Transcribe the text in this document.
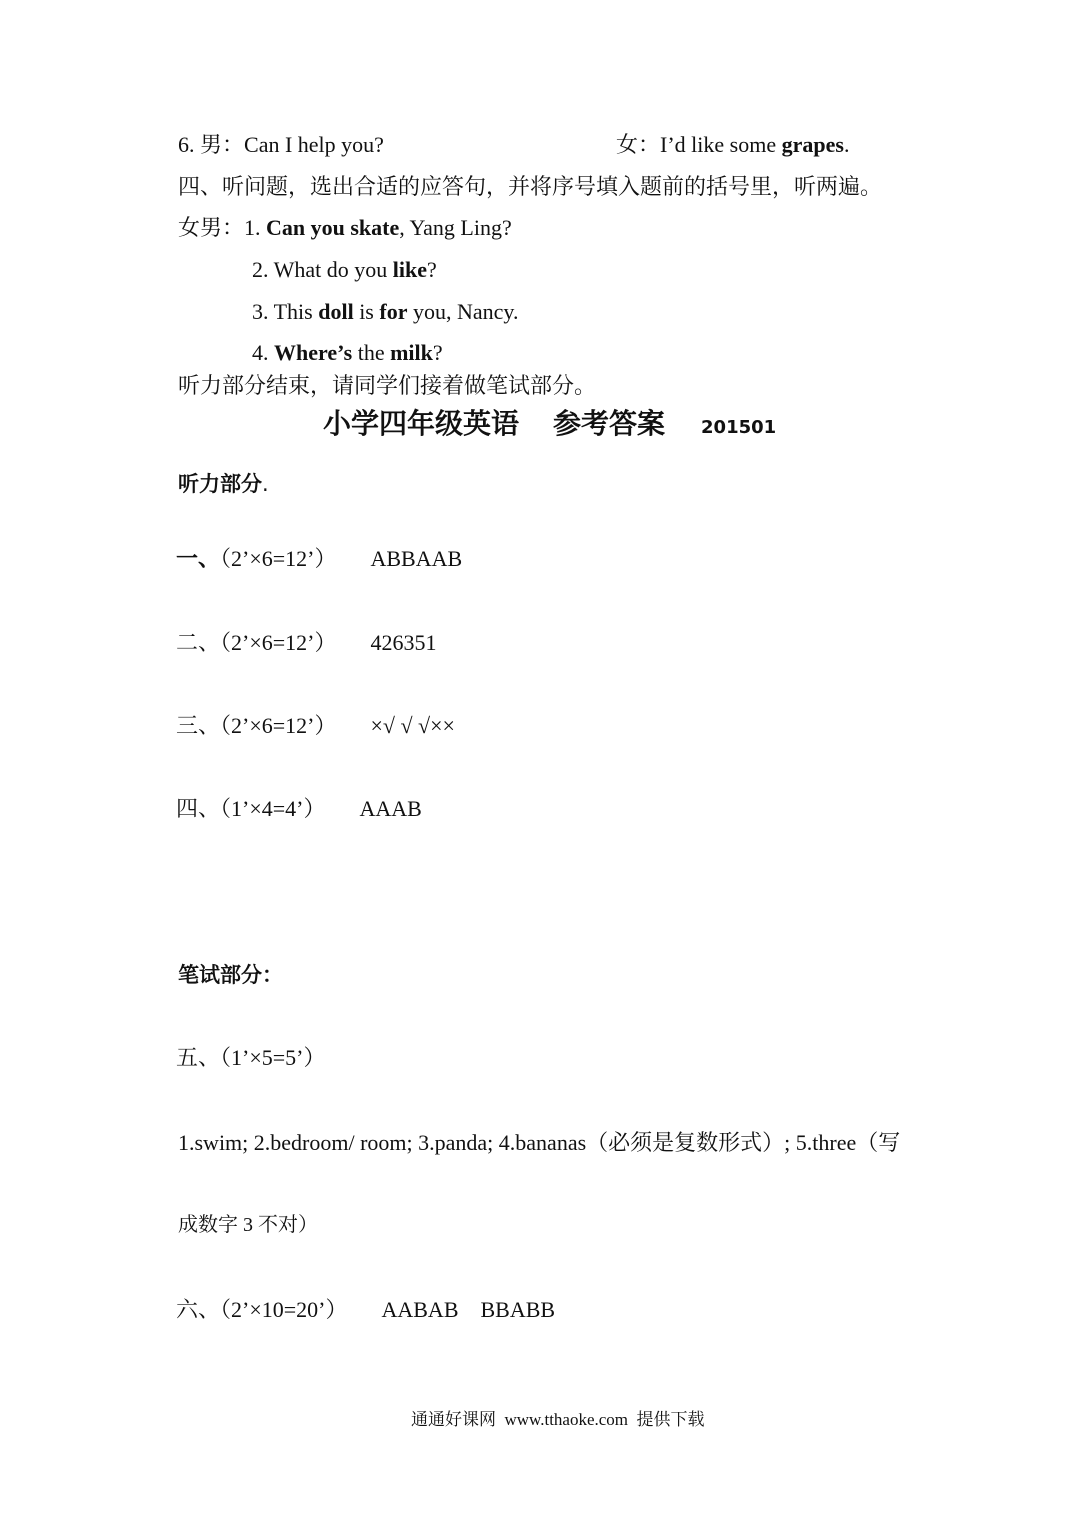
6. 男：Can I help you?	女：I’d like some grapes.
四、听问题，选出合适的应答句，并将序号填入题前的括号里，听两遍。
女男：1. Can you skate, Yang Ling?
2. What do you like?
3. This doll is for you, Nancy.
4. Where’s the milk?
听力部分结束，请同学们接着做笔试部分。
小学四年级英语 参考答案 201501
听力部分.
一、（2’×6=12’） ABBAAB
二、（2’×6=12’） 426351
三、（2’×6=12’） ×√ √ √××
四、（1’×4=4’） AAAB
笔试部分：
五、（1’×5=5’）
1.swim; 2.bedroom/ room; 3.panda; 4.bananas（必须是复数形式）; 5.three（写
成数字 3 不对）
六、（2’×10=20’） AABAB    BBABB
通通好课网  www.tthaoke.com  提供下载
